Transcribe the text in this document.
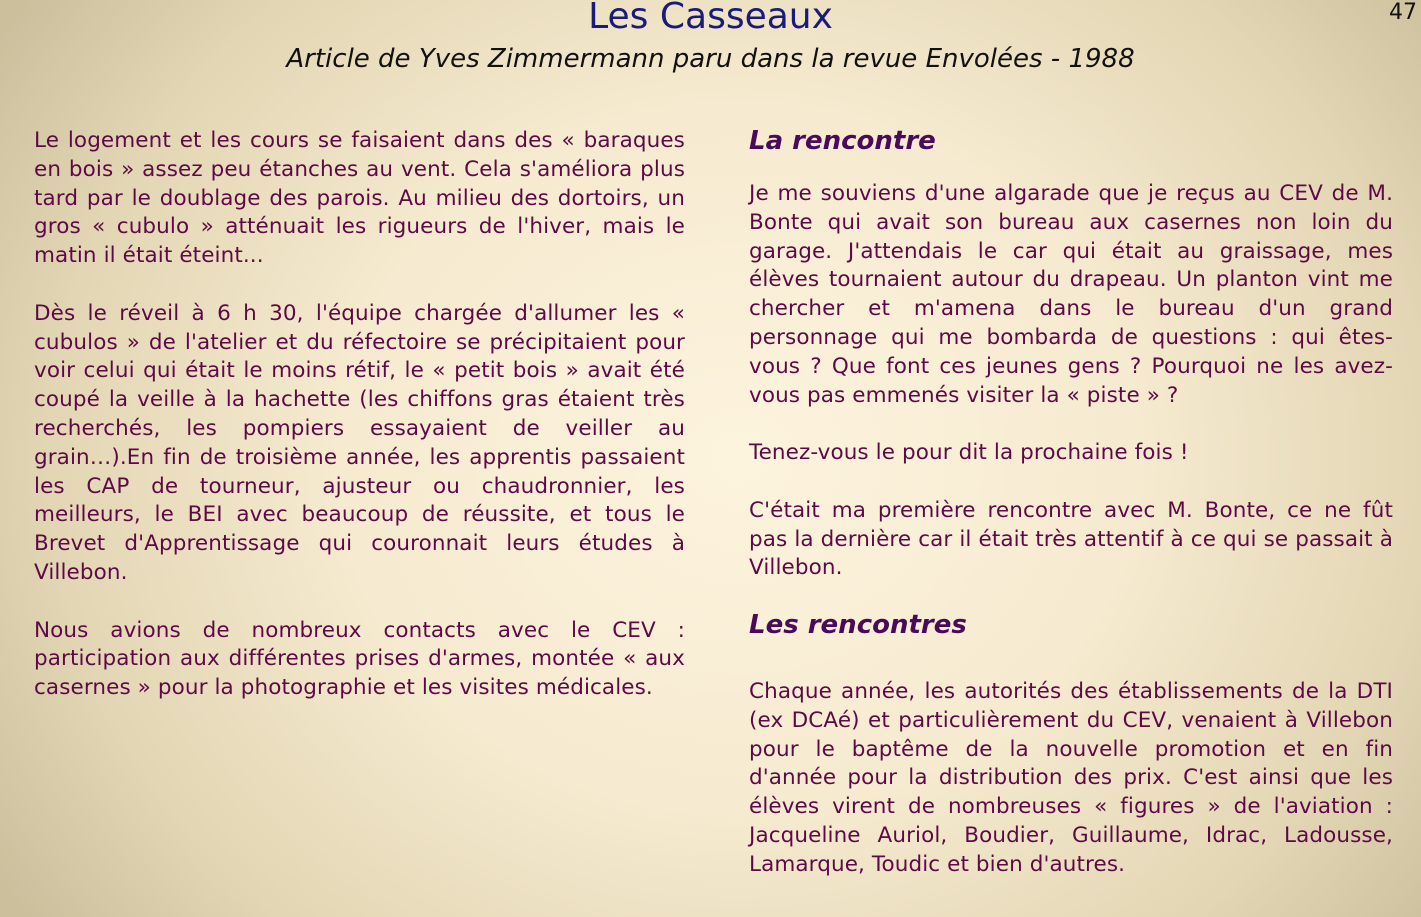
47
Les Casseaux
Article de Yves Zimmermann paru dans la revue Envolées - 1988

Le logement et les cours se faisaient dans des « baraques en bois » assez peu étanches au vent. Cela s'améliora plus tard par le doublage des parois. Au milieu des dortoirs, un gros « cubulo » atténuait les rigueurs de l'hiver, mais le matin il était éteint...

Dès le réveil à 6 h 30, l'équipe chargée d'allumer les « cubulos » de l'atelier et du réfectoire se précipitaient pour voir celui qui était le moins rétif, le « petit bois » avait été coupé la veille à la hachette (les chiffons gras étaient très recherchés, les pompiers essayaient de veiller au grain…).En fin de troisième année, les apprentis passaient les CAP de tourneur, ajusteur ou chaudronnier, les meilleurs, le BEI avec beaucoup de réussite, et tous le Brevet d'Apprentissage qui couronnait leurs études à Villebon.

Nous avions de nombreux contacts avec le CEV : participation aux différentes prises d'armes, montée « aux casernes » pour la photographie et les visites médicales.

La rencontre

Je me souviens d'une algarade que je reçus au CEV de M. Bonte qui avait son bureau aux casernes non loin du garage. J'attendais le car qui était au graissage, mes élèves tournaient autour du drapeau. Un planton vint me chercher et m'amena dans le bureau d'un grand personnage qui me bombarda de questions : qui êtes- vous ? Que font ces jeunes gens ? Pourquoi ne les avez-vous pas emmenés visiter la « piste » ?

Tenez-vous le pour dit la prochaine fois !

C'était ma première rencontre avec M. Bonte, ce ne fût pas la dernière car il était très attentif à ce qui se passait à Villebon.

Les rencontres

Chaque année, les autorités des établissements de la DTI (ex DCAé) et particulièrement du CEV, venaient à Villebon pour le baptême de la nouvelle promotion et en fin d'année pour la distribution des prix. C'est ainsi que les élèves virent de nombreuses « figures » de l'aviation : Jacqueline Auriol, Boudier, Guillaume, Idrac, Ladousse, Lamarque, Toudic et bien d'autres.
